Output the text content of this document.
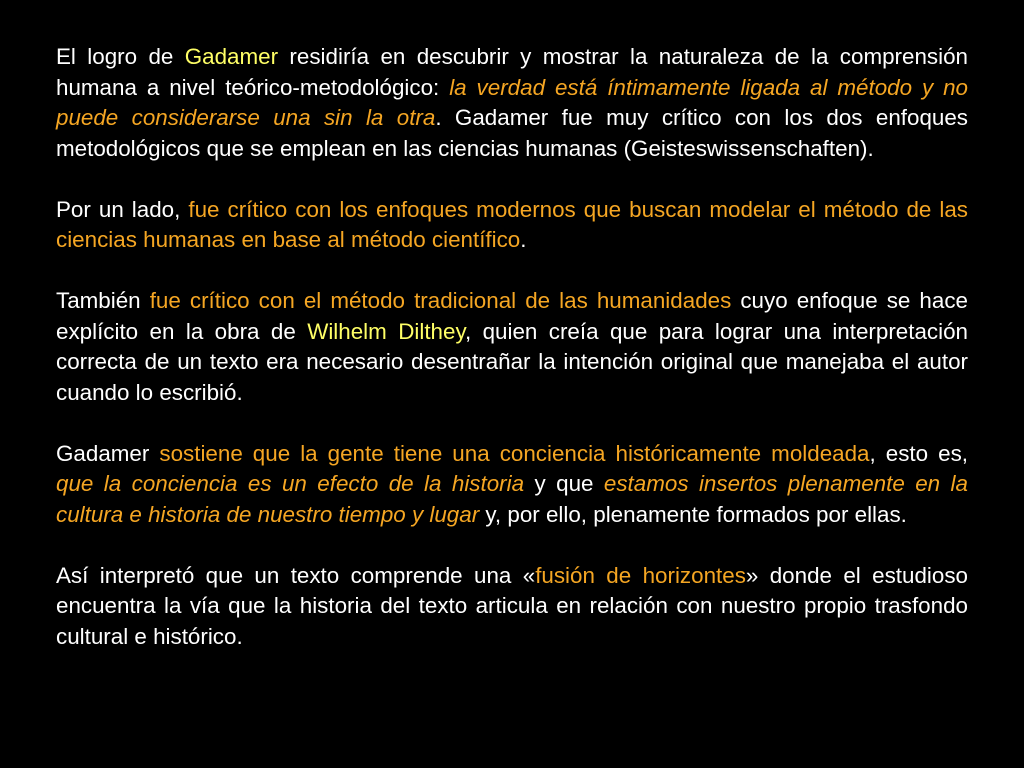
El logro de Gadamer residiría en descubrir y mostrar la naturaleza de la comprensión humana a nivel teórico-metodológico: la verdad está íntimamente ligada al método y no puede considerarse una sin la otra. Gadamer fue muy crítico con los dos enfoques metodológicos que se emplean en las ciencias humanas (Geisteswissenschaften).

Por un lado, fue crítico con los enfoques modernos que buscan modelar el método de las ciencias humanas en base al método científico.

También fue crítico con el método tradicional de las humanidades cuyo enfoque se hace explícito en la obra de Wilhelm Dilthey, quien creía que para lograr una interpretación correcta de un texto era necesario desentrañar la intención original que manejaba el autor cuando lo escribió.

Gadamer sostiene que la gente tiene una conciencia históricamente moldeada, esto es, que la conciencia es un efecto de la historia y que estamos insertos plenamente en la cultura e historia de nuestro tiempo y lugar y, por ello, plenamente formados por ellas.

Así interpretó que un texto comprende una «fusión de horizontes» donde el estudioso encuentra la vía que la historia del texto articula en relación con nuestro propio trasfondo cultural e histórico.
